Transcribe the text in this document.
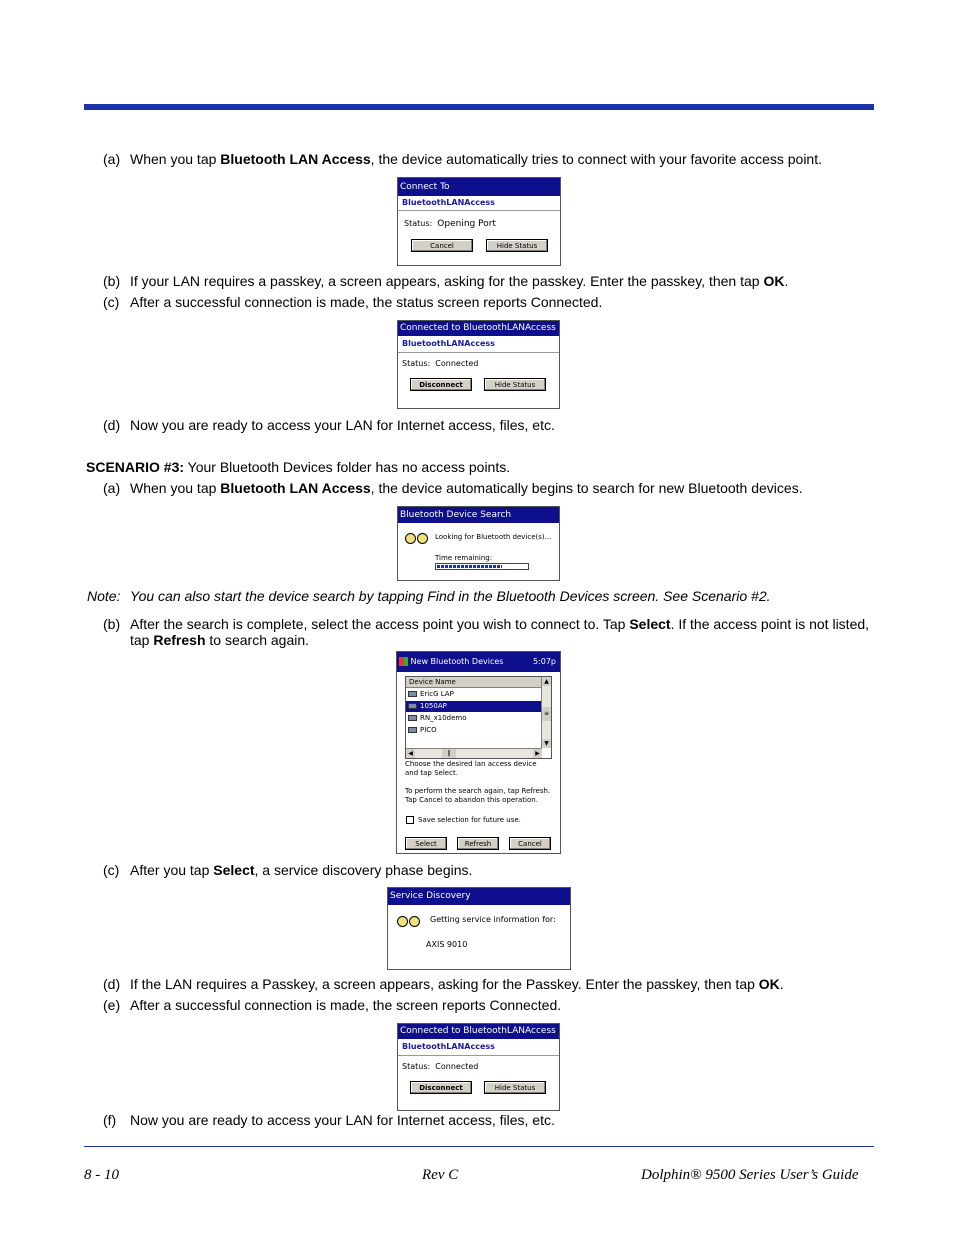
(a) When you tap Bluetooth LAN Access, the device automatically tries to connect with your favorite access point.
Connect To
BluetoothLANAccess
Status: Opening Port
Cancel	Hide Status
(b) If your LAN requires a passkey, a screen appears, asking for the passkey. Enter the passkey, then tap OK.
(c) After a successful connection is made, the status screen reports Connected.
Connected to BluetoothLANAccess
BluetoothLANAccess
Status: Connected
Disconnect	Hide Status
(d) Now you are ready to access your LAN for Internet access, files, etc.
SCENARIO #3: Your Bluetooth Devices folder has no access points.
(a) When you tap Bluetooth LAN Access, the device automatically begins to search for new Bluetooth devices.
Bluetooth Device Search
Looking for Bluetooth device(s)...
Time remaining:
Note: You can also start the device search by tapping Find in the Bluetooth Devices screen. See Scenario #2.
(b) After the search is complete, select the access point you wish to connect to. Tap Select. If the access point is not listed, tap Refresh to search again.
New Bluetooth Devices	5:07p
Device Name
EricG LAP
1050AP
RN_x10demo
PICO
▲
≡
▼
◀	‖	▶
Choose the desired lan access device and tap Select.
To perform the search again, tap Refresh. Tap Cancel to abandon this operation.
Save selection for future use.
Select	Refresh	Cancel
(c) After you tap Select, a service discovery phase begins.
Service Discovery
Getting service information for:
AXIS 9010
(d) If the LAN requires a Passkey, a screen appears, asking for the Passkey. Enter the passkey, then tap OK.
(e) After a successful connection is made, the screen reports Connected.
Connected to BluetoothLANAccess
BluetoothLANAccess
Status: Connected
Disconnect	Hide Status
(f) Now you are ready to access your LAN for Internet access, files, etc.
8 - 10	Rev C	Dolphin® 9500 Series User’s Guide
